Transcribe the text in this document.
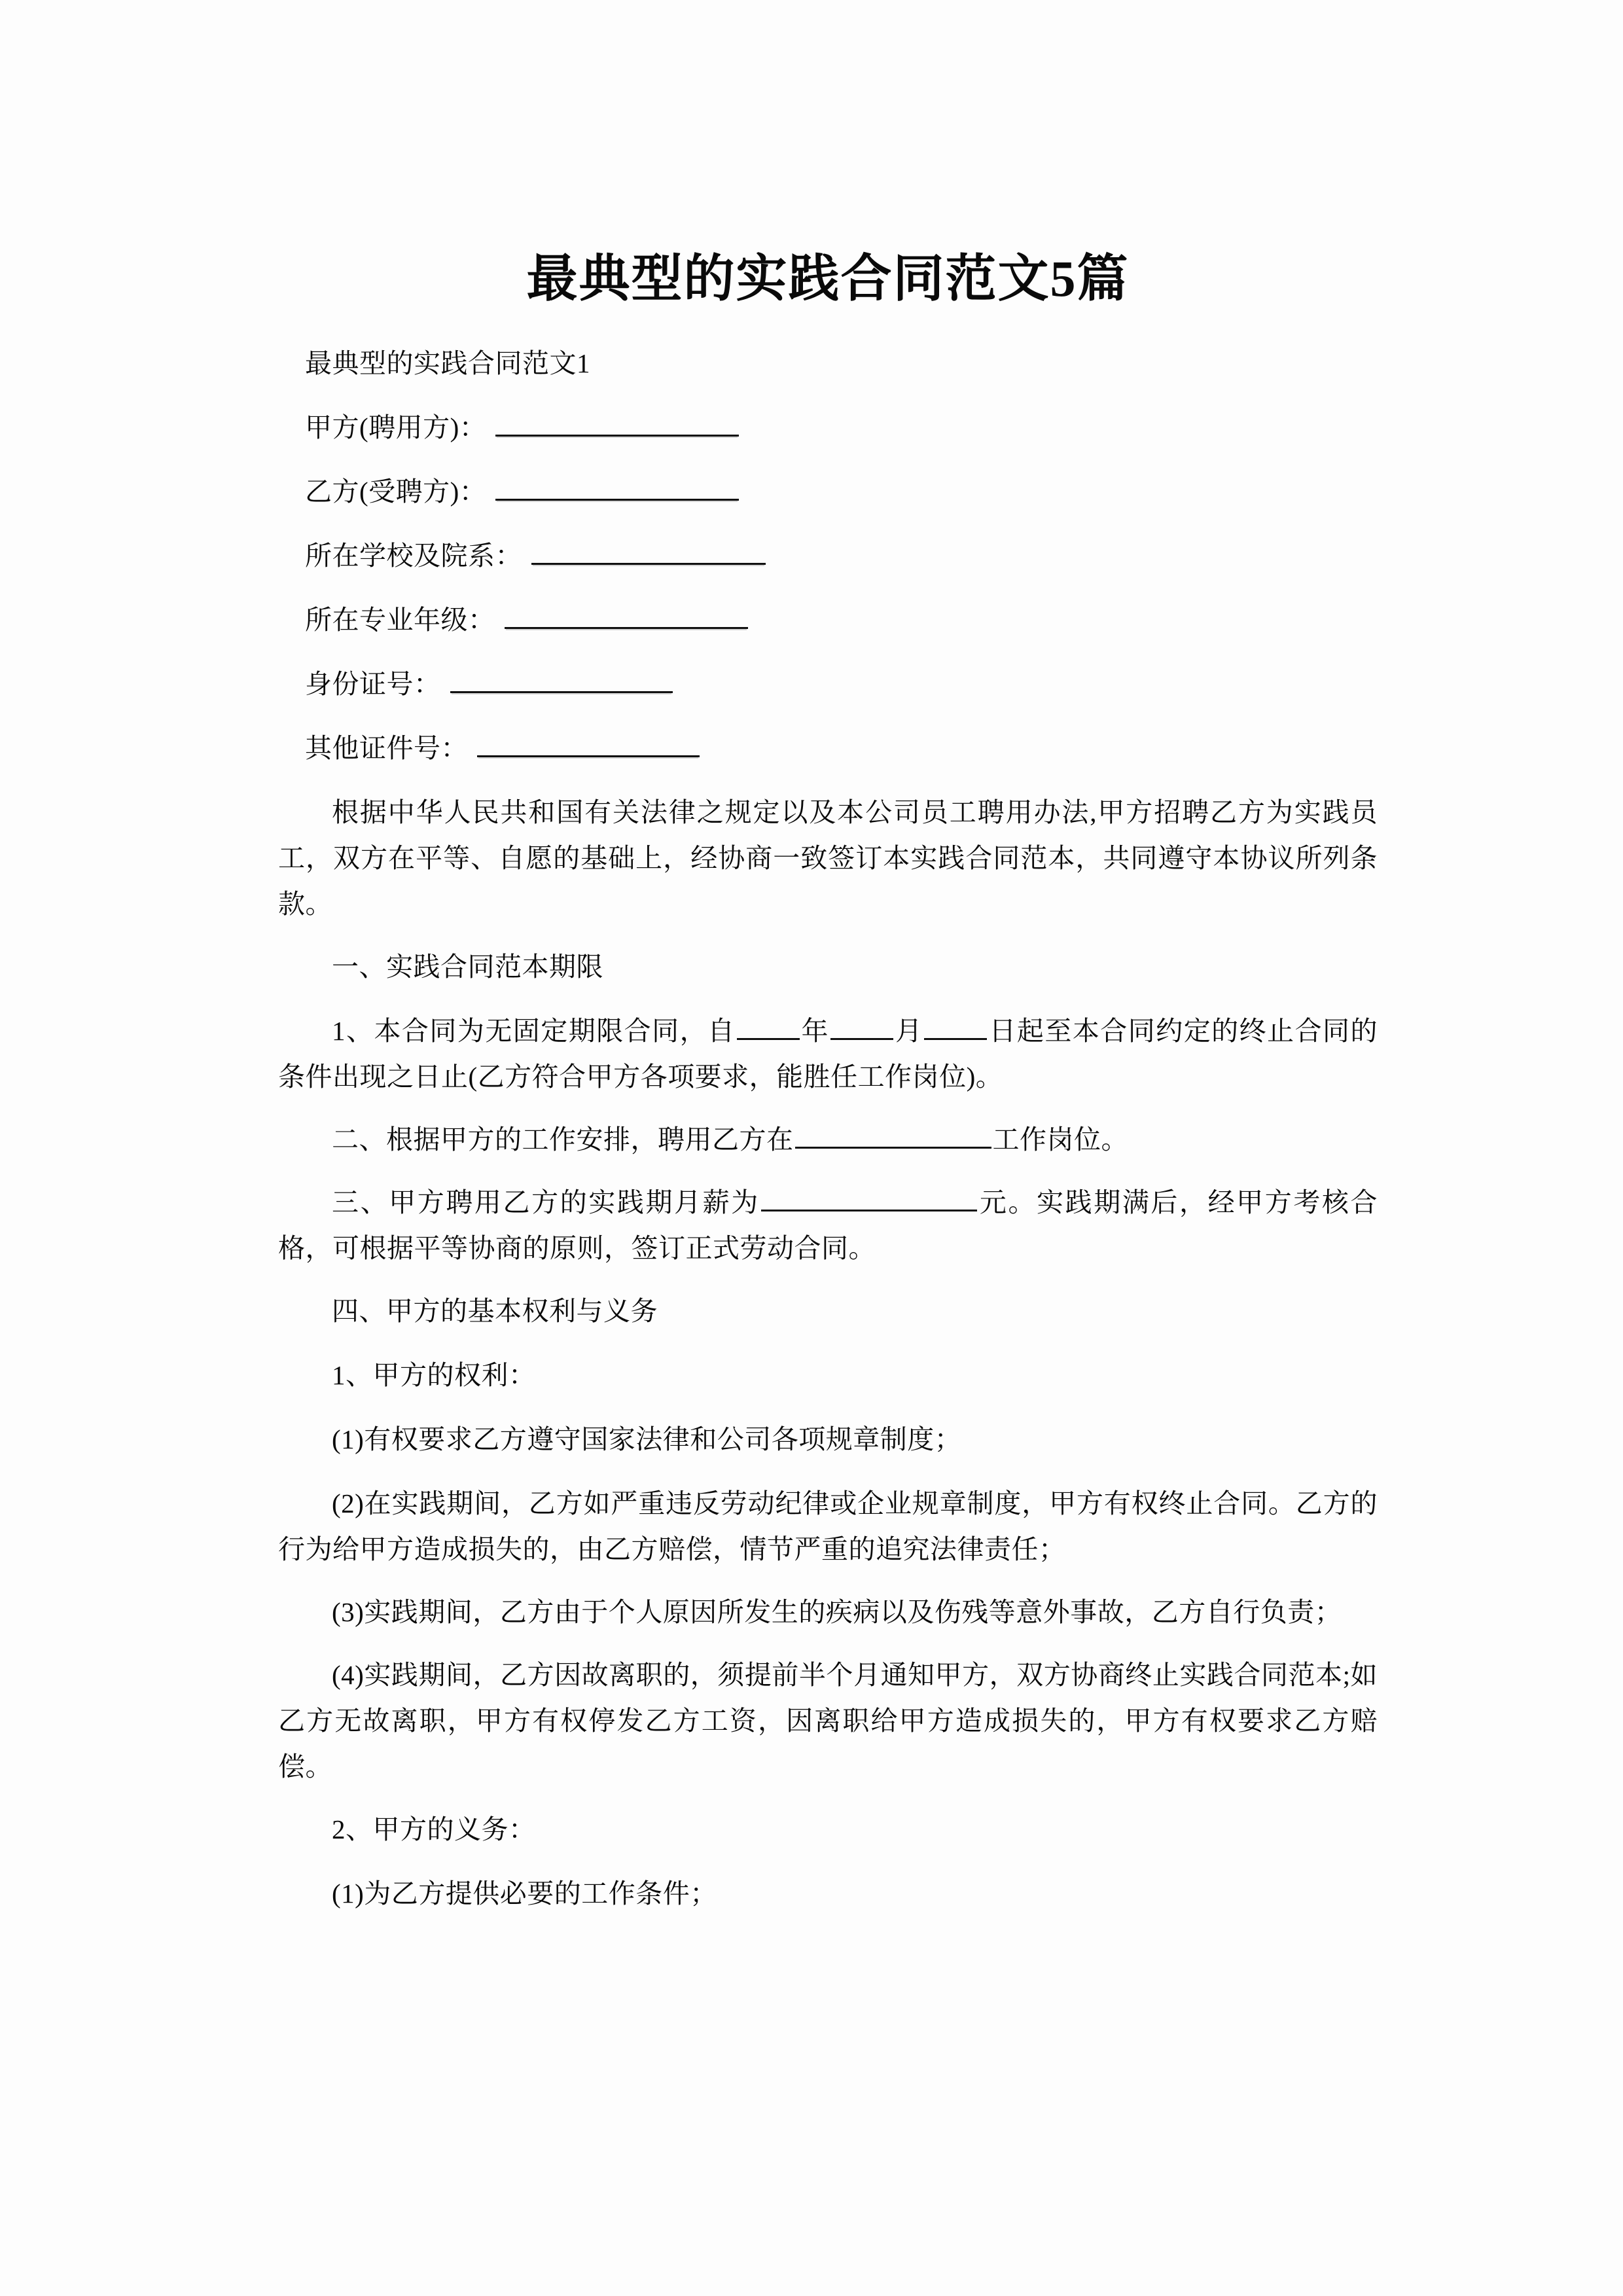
最典型的实践合同范文5篇

最典型的实践合同范文1

甲方(聘用方)：
乙方(受聘方)：
所在学校及院系：
所在专业年级：
身份证号：
其他证件号：

根据中华人民共和国有关法律之规定以及本公司员工聘用办法,甲方招聘乙方为实践员工，双方在平等、自愿的基础上，经协商一致签订本实践合同范本，共同遵守本协议所列条款。

一、实践合同范本期限

1、本合同为无固定期限合同，自 年 月 日起至本合同约定的终止合同的条件出现之日止(乙方符合甲方各项要求，能胜任工作岗位)。

二、根据甲方的工作安排，聘用乙方在	工作岗位。

三、甲方聘用乙方的实践期月薪为	元。实践期满后，经甲方考核合格，可根据平等协商的原则，签订正式劳动合同。

四、甲方的基本权利与义务

1、甲方的权利：

(1)有权要求乙方遵守国家法律和公司各项规章制度；

(2)在实践期间，乙方如严重违反劳动纪律或企业规章制度，甲方有权终止合同。乙方的行为给甲方造成损失的，由乙方赔偿，情节严重的追究法律责任；

(3)实践期间，乙方由于个人原因所发生的疾病以及伤残等意外事故，乙方自行负责；

(4)实践期间，乙方因故离职的，须提前半个月通知甲方，双方协商终止实践合同范本;如乙方无故离职，甲方有权停发乙方工资，因离职给甲方造成损失的，甲方有权要求乙方赔偿。

2、甲方的义务：

(1)为乙方提供必要的工作条件；
